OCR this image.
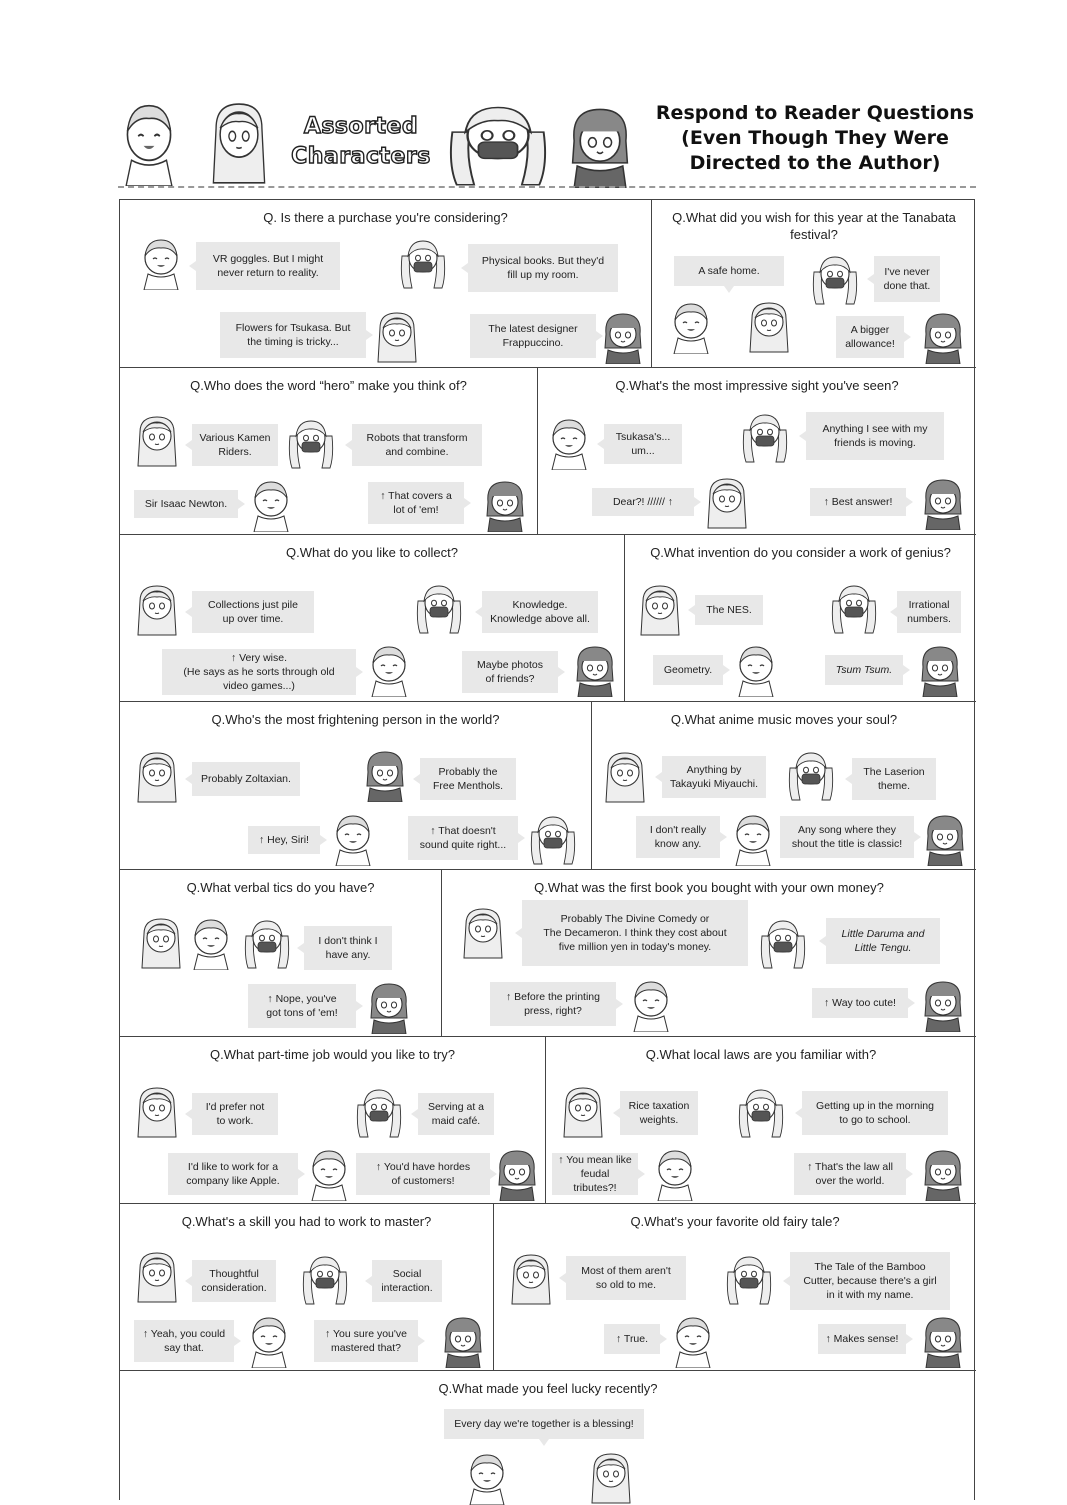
Assorted
Characters
Respond to Reader Questions
(Even Though They Were
Directed to the Author)
Q. Is there a purchase you're considering?
VR goggles. But I might
never return to reality.
Physical books. But they'd
fill up my room.
Flowers for Tsukasa. But
the timing is tricky...
The latest designer
Frappuccino.
Q.What did you wish for this year at the Tanabata festival?
A safe home.	I've never
done that.
A bigger
allowance!
Q.Who does the word “hero” make you think of?
Various Kamen
Riders.
Robots that transform
and combine.
Sir Isaac Newton.
↑ That covers a
lot of 'em!
Q.What's the most impressive sight you've seen?
Tsukasa's...
um...
Anything I see with my
friends is moving.
Dear?! ////// ↑	↑ Best answer!
Q.What do you like to collect?
Collections just pile
up over time.
Knowledge.
Knowledge above all.
↑ Very wise.
(He says as he sorts through old
video games...)
Maybe photos
of friends?
Q.What invention do you consider a work of genius?
The NES.	Irrational
numbers.
Geometry.	Tsum Tsum.
Q.Who's the most frightening person in the world?
Probably Zoltaxian.
Probably the
Free Menthols.
↑ Hey, Siri!
↑ That doesn't
sound quite right...
Q.What anime music moves your soul?
Anything by
Takayuki Miyauchi.
The Laserion
theme.
I don't really
know any.
Any song where they
shout the title is classic!
Q.What verbal tics do you have?
I don't think I
have any.
↑ Nope, you've
got tons of 'em!
Q.What was the first book you bought with your own money?
Probably The Divine Comedy or
The Decameron. I think they cost about
five million yen in today's money.
Little Daruma and
Little Tengu.
↑ Before the printing
press, right?
↑ Way too cute!
Q.What part-time job would you like to try?
I'd prefer not
to work.
Serving at a
maid café.
I'd like to work for a
company like Apple.
↑ You'd have hordes
of customers!
Q.What local laws are you familiar with?
Rice taxation
weights.
Getting up in the morning
to go to school.
↑ You mean like
feudal tributes?!
↑ That's the law all
over the world.
Q.What's a skill you had to work to master?
Thoughtful
consideration.
Social
interaction.
↑ Yeah, you could
say that.
↑ You sure you've
mastered that?
Q.What's your favorite old fairy tale?
Most of them aren't
so old to me.
The Tale of the Bamboo
Cutter, because there's a girl
in it with my name.
↑ True.	↑ Makes sense!
Q.What made you feel lucky recently?
Every day we're together is a blessing!
